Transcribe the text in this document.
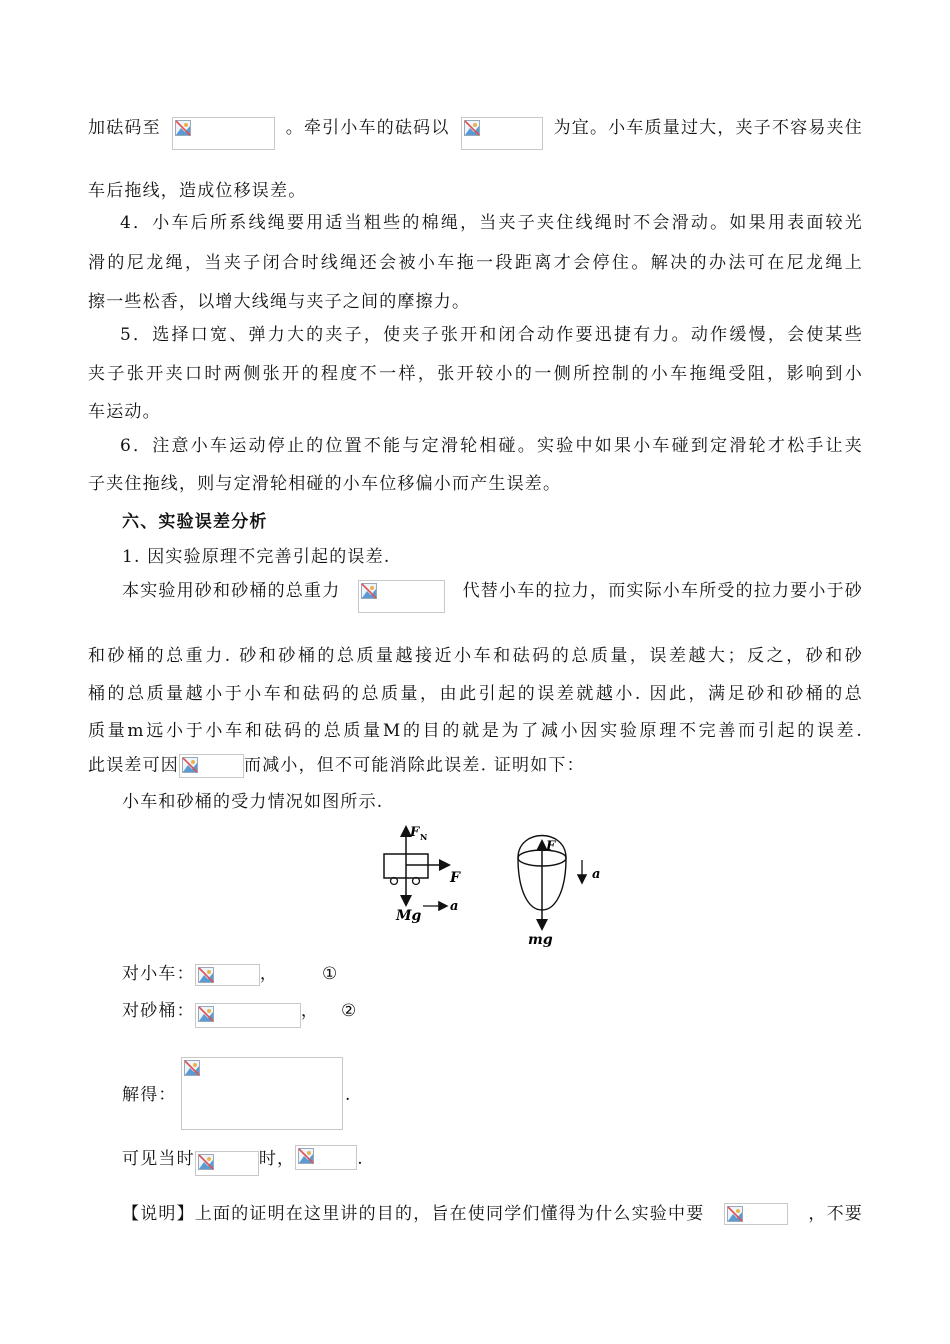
加砝码至	。牵引小车的砝码以	为宜。小车质量过大，夹子不容易夹住
车后拖线，造成位移误差。
4．小车后所系线绳要用适当粗些的棉绳，当夹子夹住线绳时不会滑动。如果用表面较光
滑的尼龙绳，当夹子闭合时线绳还会被小车拖一段距离才会停住。解决的办法可在尼龙绳上
擦一些松香，以增大线绳与夹子之间的摩擦力。
5．选择口宽、弹力大的夹子，使夹子张开和闭合动作要迅捷有力。动作缓慢，会使某些
夹子张开夹口时两侧张开的程度不一样，张开较小的一侧所控制的小车拖绳受阻，影响到小
车运动。
6．注意小车运动停止的位置不能与定滑轮相碰。实验中如果小车碰到定滑轮才松手让夹
子夹住拖线，则与定滑轮相碰的小车位移偏小而产生误差。
六、实验误差分析
1. 因实验原理不完善引起的误差.
本实验用砂和砂桶的总重力	代替小车的拉力，而实际小车所受的拉力要小于砂
和砂桶的总重力. 砂和砂桶的总质量越接近小车和砝码的总质量，误差越大；反之，砂和砂
桶的总质量越小于小车和砝码的总质量，由此引起的误差就越小. 因此，满足砂和砂桶的总
质量m远小于小车和砝码的总质量M的目的就是为了减小因实验原理不完善而引起的误差.
此误差可因	而减小，但不可能消除此误差. 证明如下：
小车和砂桶的受力情况如图所示.
F N
F
Mg
a
F
a
mg
对小车：	，	①
对砂桶：	， ②
解得：	.
可见当时	时，	.
【说明】上面的证明在这里讲的目的，旨在使同学们懂得为什么实验中要	，不要
